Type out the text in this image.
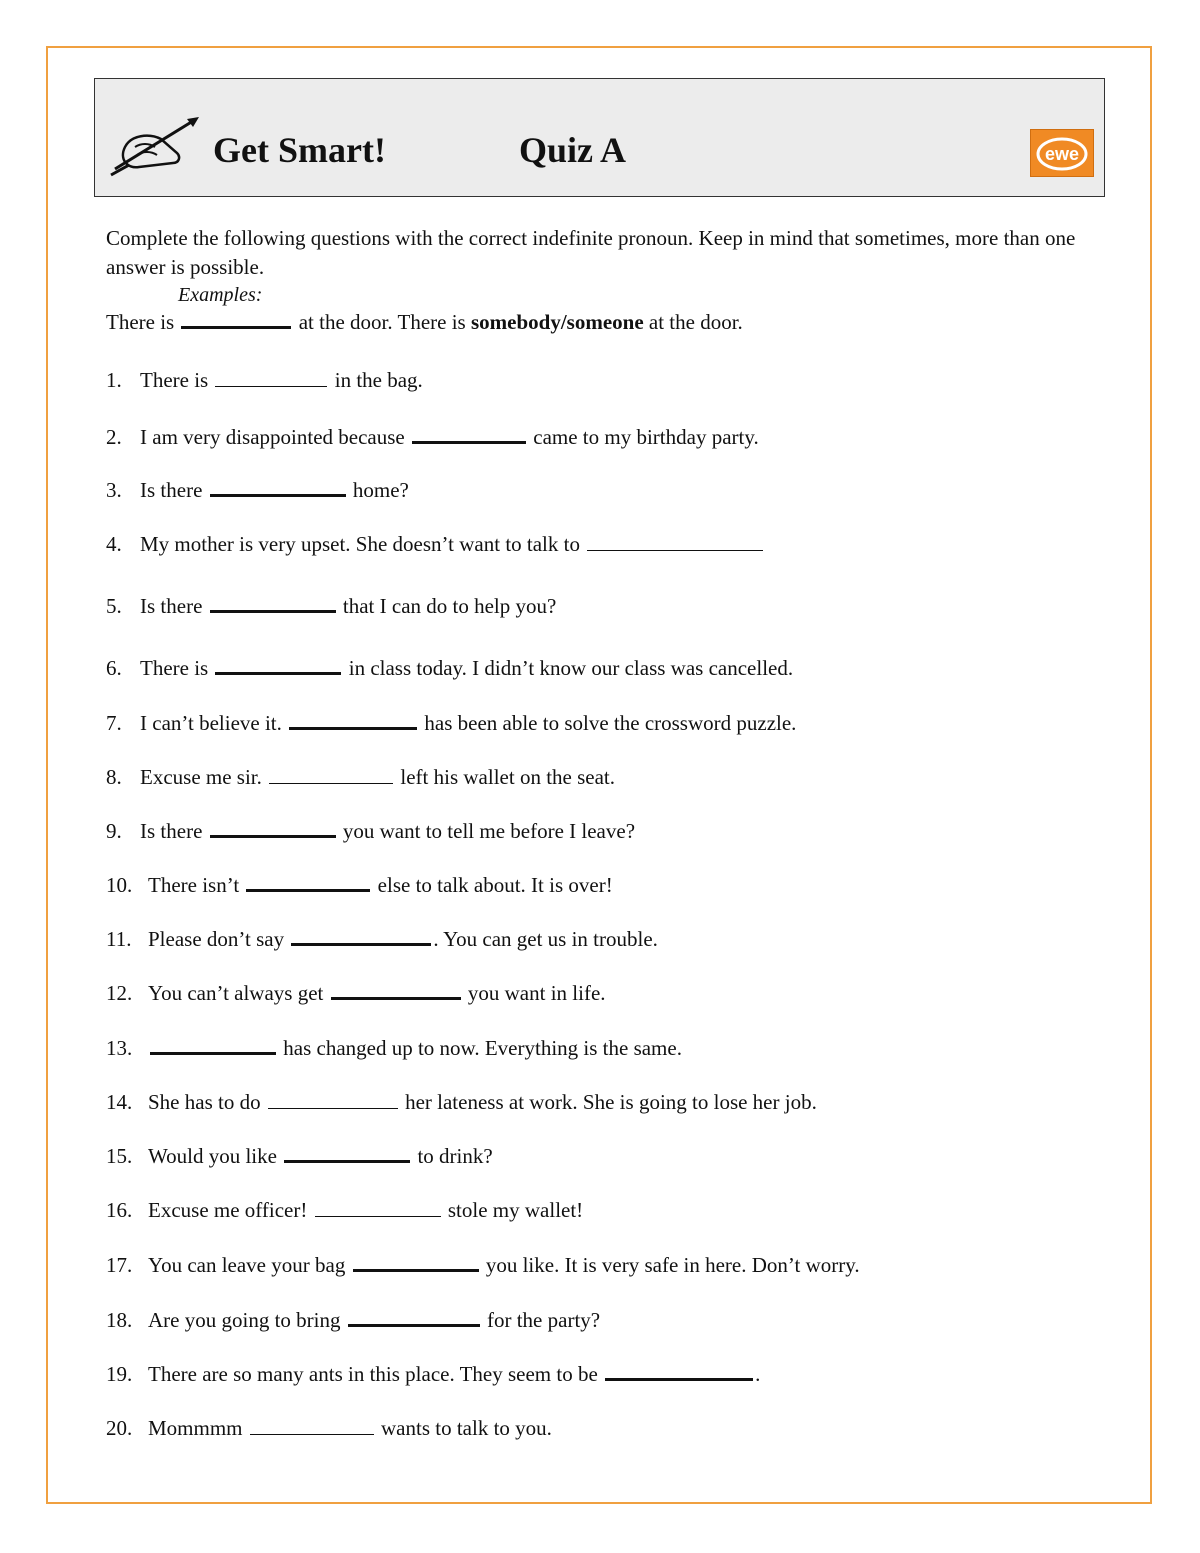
Get Smart!	Quiz A	ewe

Complete the following questions with the correct indefinite pronoun. Keep in mind that sometimes, more than one answer is possible.

Examples:

There is	at the door. There is somebody/someone at the door.

1. There is	in the bag.
2. I am very disappointed because	came to my birthday party.
3. Is there	home?
4. My mother is very upset. She doesn’t want to talk to
5. Is there	that I can do to help you?
6. There is	in class today. I didn’t know our class was cancelled.
7. I can’t believe it.	has been able to solve the crossword puzzle.
8. Excuse me sir.	left his wallet on the seat.
9. Is there	you want to tell me before I leave?
10. There isn’t	else to talk about. It is over!
11. Please don’t say	. You can get us in trouble.
12. You can’t always get	you want in life.
13.	has changed up to now. Everything is the same.
14. She has to do	her lateness at work. She is going to lose her job.
15. Would you like	to drink?
16. Excuse me officer!	stole my wallet!
17. You can leave your bag	you like. It is very safe in here. Don’t worry.
18. Are you going to bring	for the party?
19. There are so many ants in this place. They seem to be	.
20. Mommmm	wants to talk to you.
